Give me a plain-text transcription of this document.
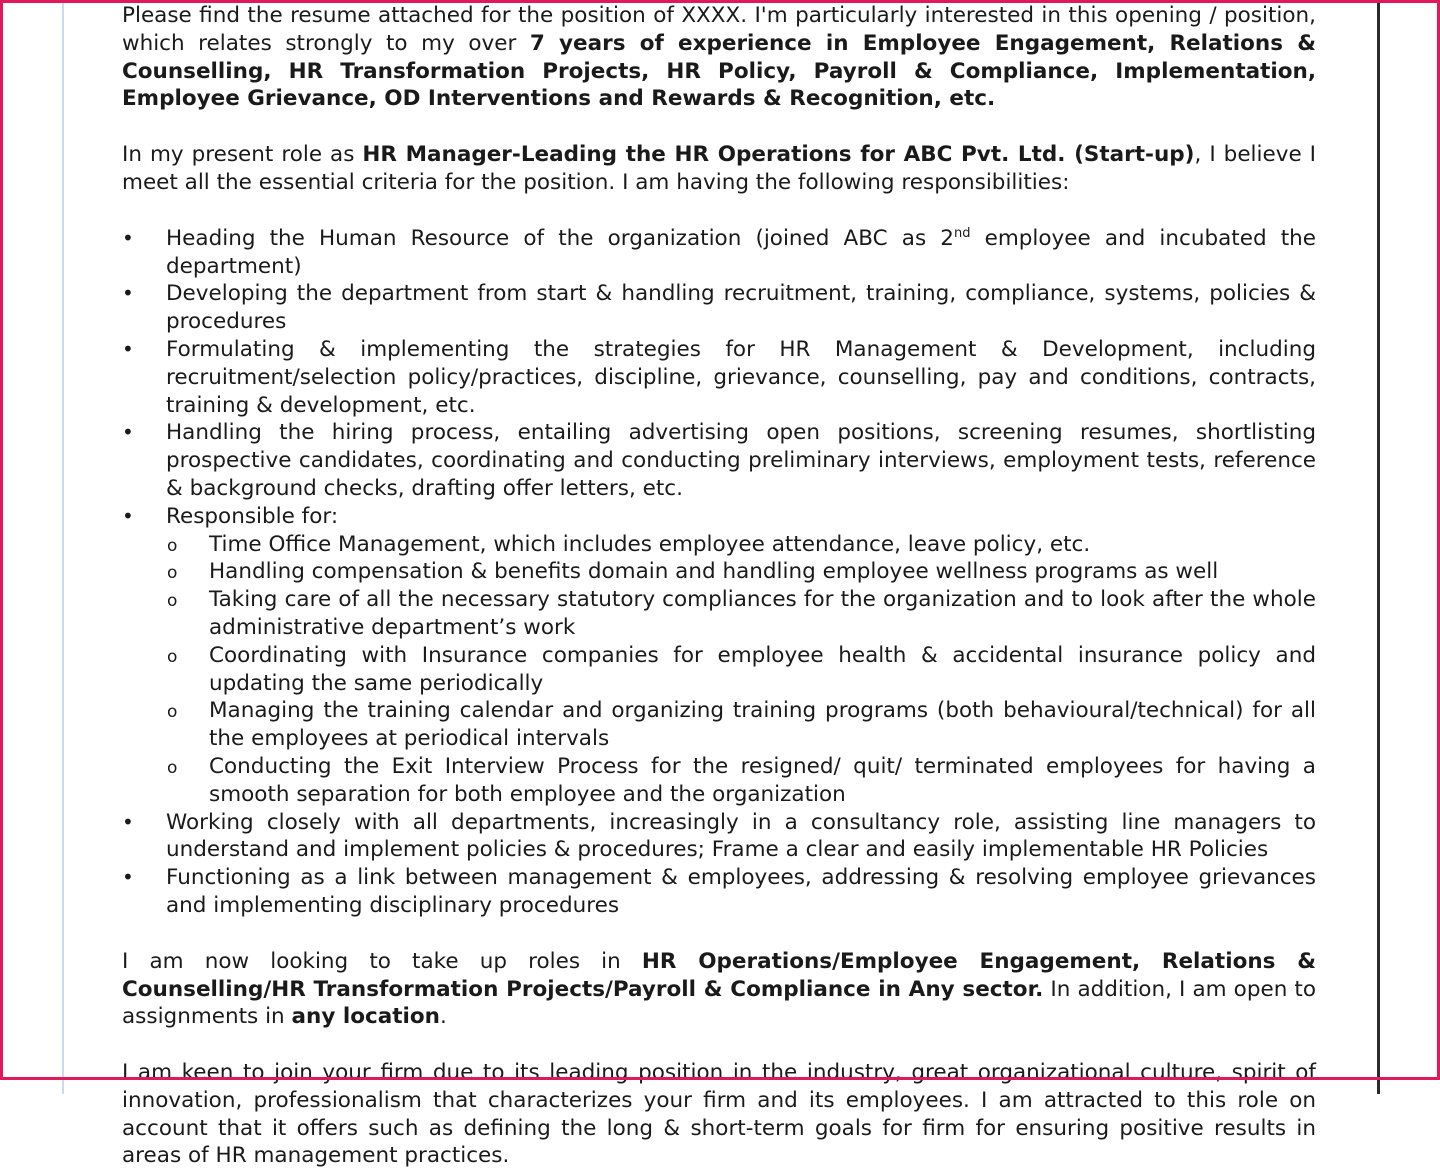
Please find the resume attached for the position of XXXX. I'm particularly interested in this opening / position, which relates strongly to my over 7 years of experience in Employee Engagement, Relations & Counselling, HR Transformation Projects, HR Policy, Payroll & Compliance, Implementation, Employee Grievance, OD Interventions and Rewards & Recognition, etc.

In my present role as HR Manager-Leading the HR Operations for ABC Pvt. Ltd. (Start-up), I believe I meet all the essential criteria for the position. I am having the following responsibilities:

• Heading the Human Resource of the organization (joined ABC as 2nd employee and incubated the department)
• Developing the department from start & handling recruitment, training, compliance, systems, policies & procedures
• Formulating & implementing the strategies for HR Management & Development, including recruitment/selection policy/practices, discipline, grievance, counselling, pay and conditions, contracts, training & development, etc.
• Handling the hiring process, entailing advertising open positions, screening resumes, shortlisting prospective candidates, coordinating and conducting preliminary interviews, employment tests, reference & background checks, drafting offer letters, etc.
• Responsible for:
o Time Office Management, which includes employee attendance, leave policy, etc.
o Handling compensation & benefits domain and handling employee wellness programs as well
o Taking care of all the necessary statutory compliances for the organization and to look after the whole administrative department’s work
o Coordinating with Insurance companies for employee health & accidental insurance policy and updating the same periodically
o Managing the training calendar and organizing training programs (both behavioural/technical) for all the employees at periodical intervals
o Conducting the Exit Interview Process for the resigned/ quit/ terminated employees for having a smooth separation for both employee and the organization
• Working closely with all departments, increasingly in a consultancy role, assisting line managers to understand and implement policies & procedures; Frame a clear and easily implementable HR Policies
• Functioning as a link between management & employees, addressing & resolving employee grievances and implementing disciplinary procedures

I am now looking to take up roles in HR Operations/Employee Engagement, Relations & Counselling/HR Transformation Projects/Payroll & Compliance in Any sector. In addition, I am open to assignments in any location.

I am keen to join your firm due to its leading position in the industry, great organizational culture, spirit of innovation, professionalism that characterizes your firm and its employees. I am attracted to this role on account that it offers such as defining the long & short-term goals for firm for ensuring positive results in areas of HR management practices.
